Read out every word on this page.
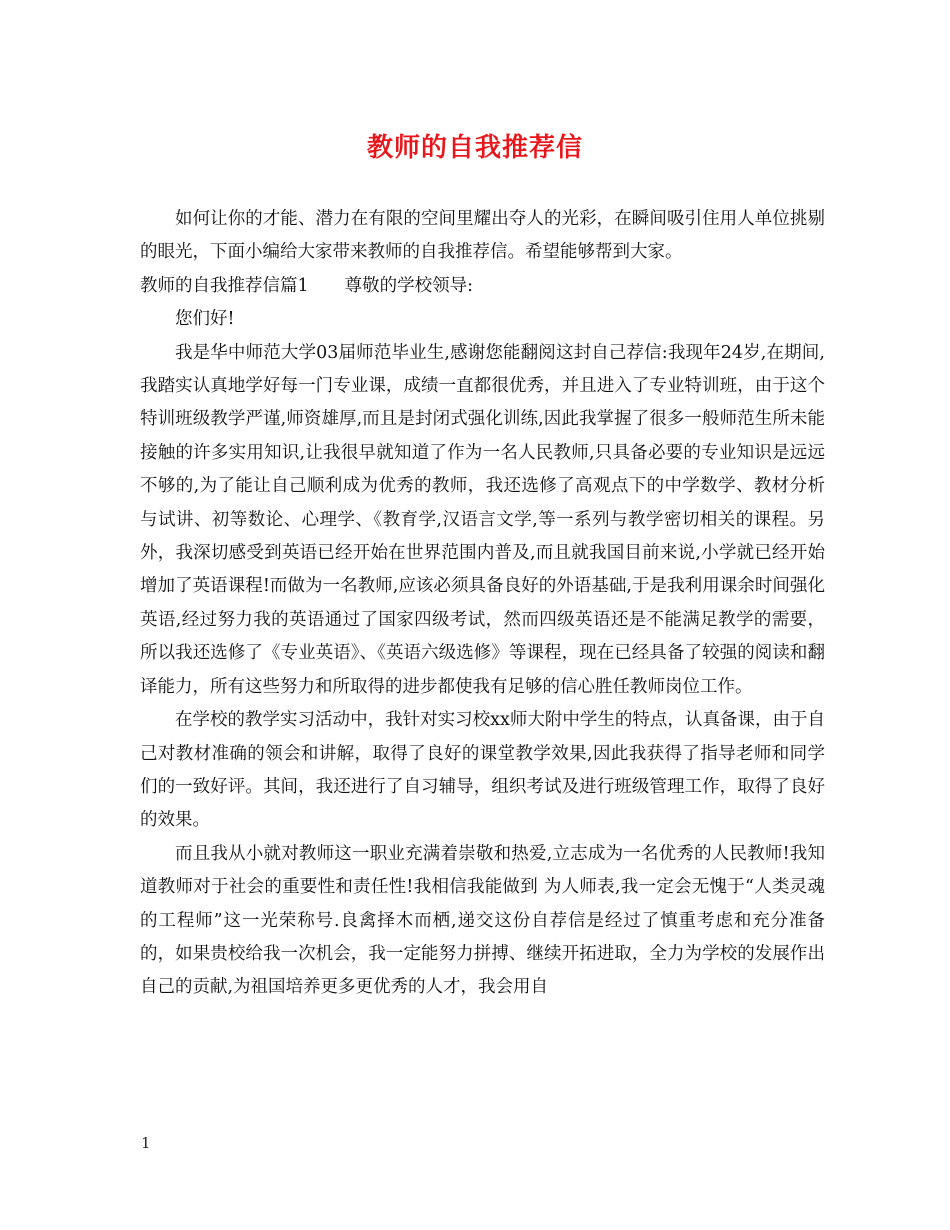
教师的自我推荐信

如何让你的才能、潜力在有限的空间里耀出夺人的光彩，在瞬间吸引住用人单位挑剔的眼光，下面小编给大家带来教师的自我推荐信。希望能够帮到大家。

教师的自我推荐信篇1 尊敬的学校领导:

您们好!

我是华中师范大学03届师范毕业生,感谢您能翻阅这封自己荐信:我现年24岁,在期间,我踏实认真地学好每一门专业课，成绩一直都很优秀，并且进入了专业特训班，由于这个特训班级教学严谨,师资雄厚,而且是封闭式强化训练,因此我掌握了很多一般师范生所未能接触的许多实用知识,让我很早就知道了作为一名人民教师,只具备必要的专业知识是远远不够的,为了能让自己顺利成为优秀的教师，我还选修了高观点下的中学数学、教材分析与试讲、初等数论、心理学、《教育学,汉语言文学,等一系列与教学密切相关的课程。另外，我深切感受到英语已经开始在世界范围内普及,而且就我国目前来说,小学就已经开始增加了英语课程!而做为一名教师,应该必须具备良好的外语基础,于是我利用课余时间强化英语,经过努力我的英语通过了国家四级考试，然而四级英语还是不能满足教学的需要，所以我还选修了《专业英语》、《英语六级选修》等课程，现在已经具备了较强的阅读和翻译能力，所有这些努力和所取得的进步都使我有足够的信心胜任教师岗位工作。

在学校的教学实习活动中，我针对实习校xx师大附中学生的特点，认真备课，由于自己对教材准确的领会和讲解，取得了良好的课堂教学效果,因此我获得了指导老师和同学们的一致好评。其间，我还进行了自习辅导，组织考试及进行班级管理工作，取得了良好的效果。

而且我从小就对教师这一职业充满着崇敬和热爱,立志成为一名优秀的人民教师!我知道教师对于社会的重要性和责任性!我相信我能做到 为人师表,我一定会无愧于“人类灵魂的工程师”这一光荣称号.良禽择木而栖,递交这份自荐信是经过了慎重考虑和充分准备的，如果贵校给我一次机会，我一定能努力拼搏、继续开拓进取，全力为学校的发展作出自己的贡献,为祖国培养更多更优秀的人才，我会用自

1
